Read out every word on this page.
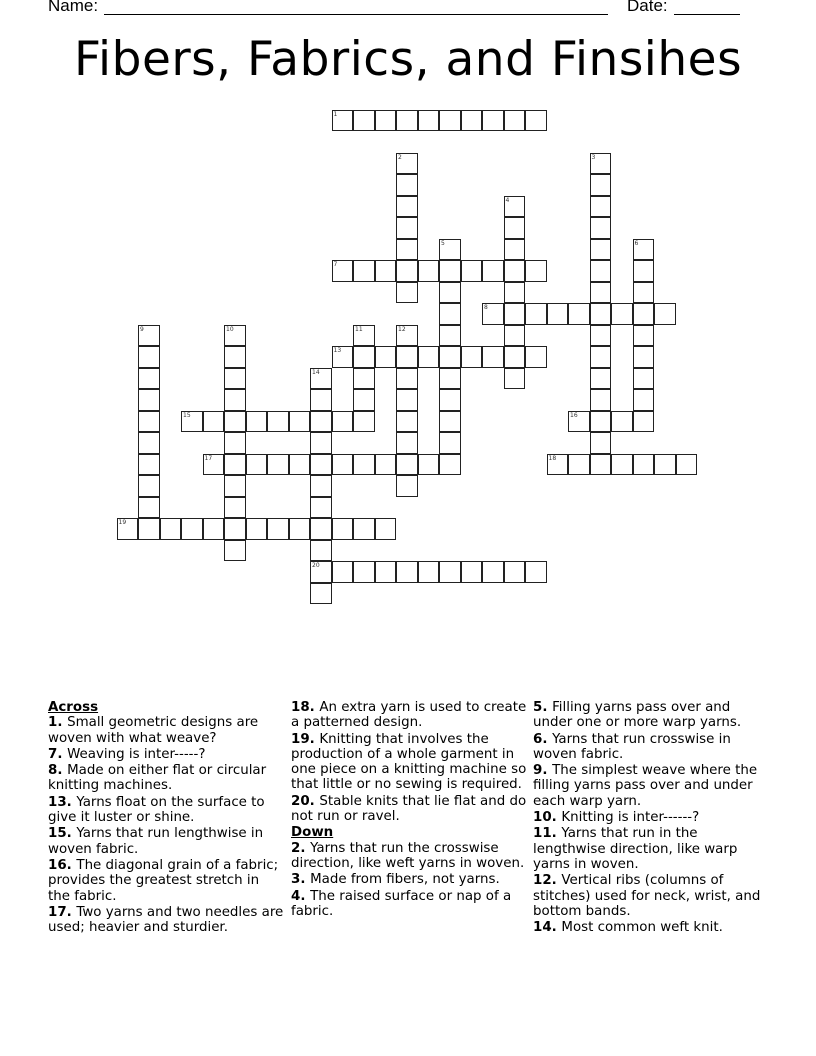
Name:	Date:
Fibers, Fabrics, and Finsihes
1
2	3
4
5	6
7
8
9	10	11	12
13
14
20
15	16
17	18
19
Across
1. Small geometric designs are woven with what weave?
7. Weaving is inter-----?
8. Made on either flat or circular knitting machines.
13. Yarns float on the surface to give it luster or shine.
15. Yarns that run lengthwise in woven fabric.
16. The diagonal grain of a fabric; provides the greatest stretch in the fabric.
17. Two yarns and two needles are used; heavier and sturdier.
18. An extra yarn is used to create a patterned design.
19. Knitting that involves the production of a whole garment in one piece on a knitting machine so that little or no sewing is required.
20. Stable knits that lie flat and do not run or ravel.
Down
2. Yarns that run the crosswise direction, like weft yarns in woven.
3. Made from fibers, not yarns.
4. The raised surface or nap of a fabric.
5. Filling yarns pass over and under one or more warp yarns.
6. Yarns that run crosswise in woven fabric.
9. The simplest weave where the filling yarns pass over and under each warp yarn.
10. Knitting is inter------?
11. Yarns that run in the lengthwise direction, like warp yarns in woven.
12. Vertical ribs (columns of stitches) used for neck, wrist, and bottom bands.
14. Most common weft knit.
